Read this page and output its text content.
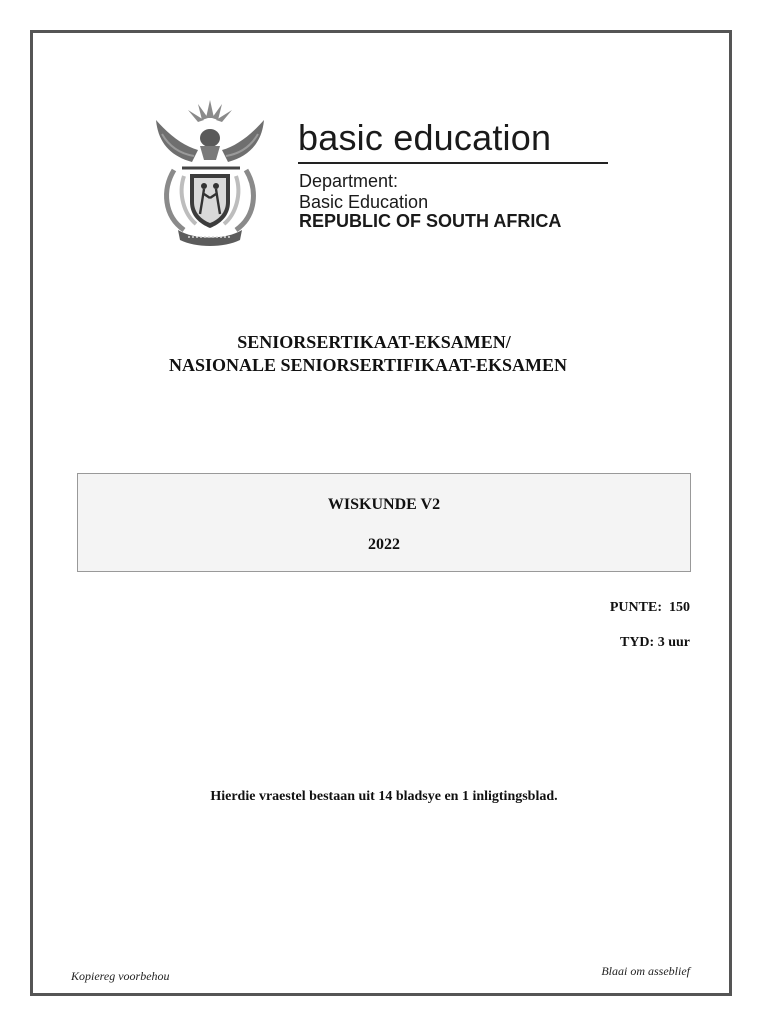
basic education
Department:
Basic Education
REPUBLIC OF SOUTH AFRICA
SENIORSERTIKAAT-EKSAMEN/
NASIONALE SENIORSERTIFIKAAT-EKSAMEN
WISKUNDE V2
2022
PUNTE:  150
TYD: 3 uur
Hierdie vraestel bestaan uit 14 bladsye en 1 inligtingsblad.
Kopiereg voorbehou	Blaai om asseblief
